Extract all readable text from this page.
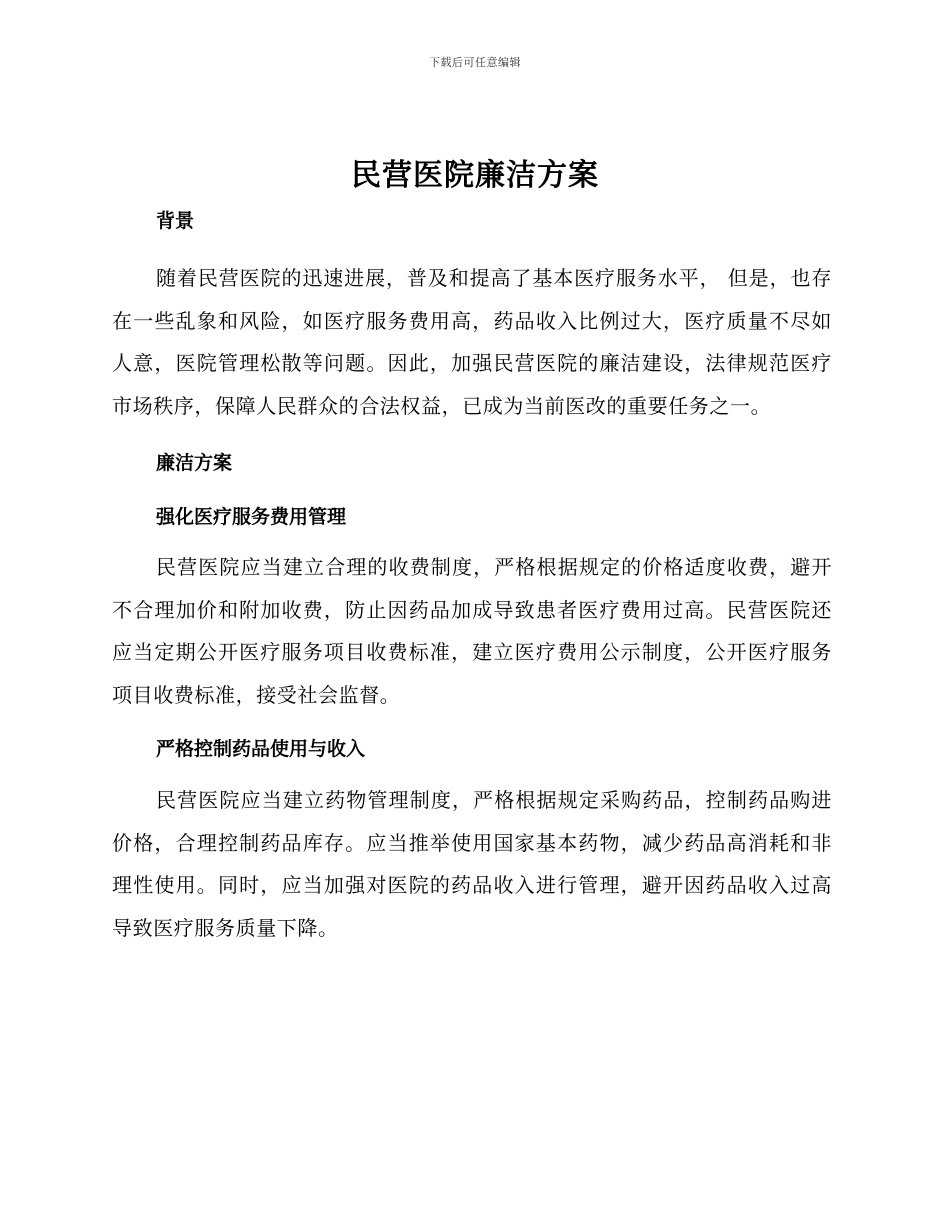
下载后可任意编辑
民营医院廉洁方案
背景

随着民营医院的迅速进展，普及和提高了基本医疗服务水平， 但是，也存在一些乱象和风险，如医疗服务费用高，药品收入比例过大，医疗质量不尽如人意，医院管理松散等问题。因此，加强民营医院的廉洁建设，法律规范医疗市场秩序，保障人民群众的合法权益，已成为当前医改的重要任务之一。

廉洁方案
强化医疗服务费用管理

民营医院应当建立合理的收费制度，严格根据规定的价格适度收费，避开不合理加价和附加收费，防止因药品加成导致患者医疗费用过高。民营医院还应当定期公开医疗服务项目收费标准，建立医疗费用公示制度，公开医疗服务项目收费标准，接受社会监督。

严格控制药品使用与收入

民营医院应当建立药物管理制度，严格根据规定采购药品，控制药品购进价格，合理控制药品库存。应当推举使用国家基本药物，减少药品高消耗和非理性使用。同时，应当加强对医院的药品收入进行管理，避开因药品收入过高导致医疗服务质量下降。
